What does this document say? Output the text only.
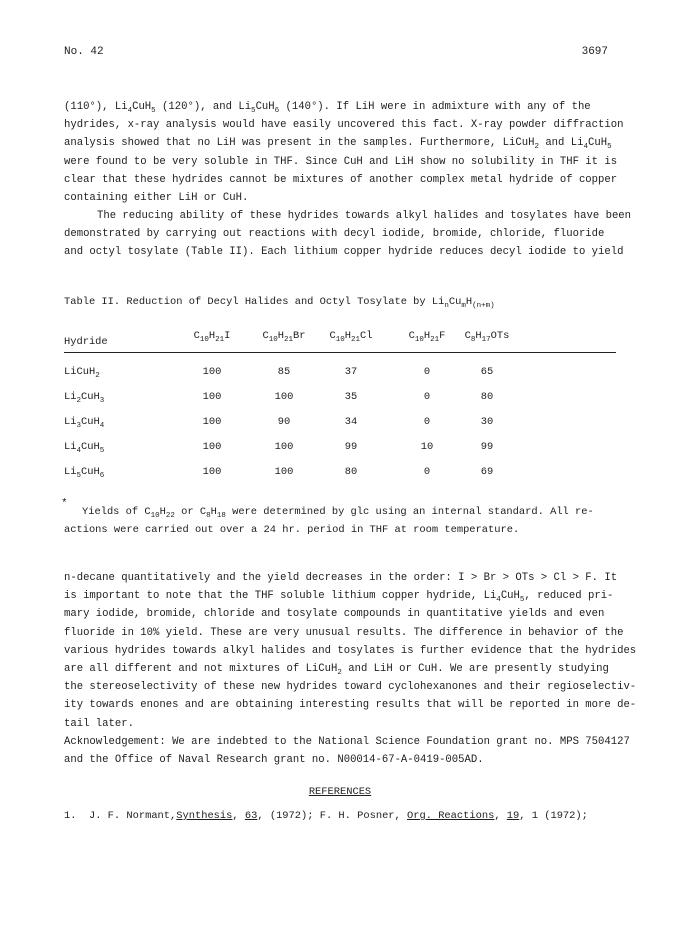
No. 42	3697

(110°), $Li_4CuH_5$ (120°), and $Li_5CuH_6$ (140°). If LiH were in admixture with any of the

hydrides, x-ray analysis would have easily uncovered this fact. X-ray powder diffraction

analysis showed that no LiH was present in the samples. Furthermore, LiCuH$_2$ and $Li_4CuH_5$

were found to be very soluble in THF. Since CuH and LiH show no solubility in THF it is

clear that these hydrides cannot be mixtures of another complex metal hydride of copper

containing either LiH or CuH.

The reducing ability of these hydrides towards alkyl halides and tosylates have been

demonstrated by carrying out reactions with decyl iodide, bromide, chloride, fluoride

and octyl tosylate (Table II). Each lithium copper hydride reduces decyl iodide to yield

Table II. Reduction of Decyl Halides and Octyl Tosylate by $Li_nCu_mH_{(n+m)}$
Hydride	$C_{10}H_{21}I$	$C_{10}H_{21}Br$	$C_{10}H_{21}Cl$	$C_{10}H_{21}F$	$C_8H_{17}OTs$
LiCuH$_2$	100	85	37	0	65
$Li_2CuH_3$	100	100	35	0	80
$Li_3CuH_4$	100	90	34	0	30
$Li_4CuH_5$	100	100	99	10	99
$Li_5CuH_6$	100	100	80	0	69
*

Yields of $C_{10}H_{22}$ or $C_8H_{18}$ were determined by glc using an internal standard. All re-

actions were carried out over a 24 hr. period in THF at room temperature.

n-decane quantitatively and the yield decreases in the order: I > Br > OTs > Cl > F. It

is important to note that the THF soluble lithium copper hydride, $Li_4CuH_5$, reduced pri-

mary iodide, bromide, chloride and tosylate compounds in quantitative yields and even

fluoride in 10% yield. These are very unusual results. The difference in behavior of the

various hydrides towards alkyl halides and tosylates is further evidence that the hydrides

are all different and not mixtures of LiCuH$_2$ and LiH or CuH. We are presently studying

the stereoselectivity of these new hydrides toward cyclohexanones and their regioselectiv-

ity towards enones and are obtaining interesting results that will be reported in more de-

tail later.

Acknowledgement: We are indebted to the National Science Foundation grant no. MPS 7504127

and the Office of Naval Research grant no. N00014-67-A-0419-005AD.

REFERENCES
1. J. F. Normant,Synthesis, 63, (1972); F. H. Posner, Org. Reactions, 19, 1 (1972);
